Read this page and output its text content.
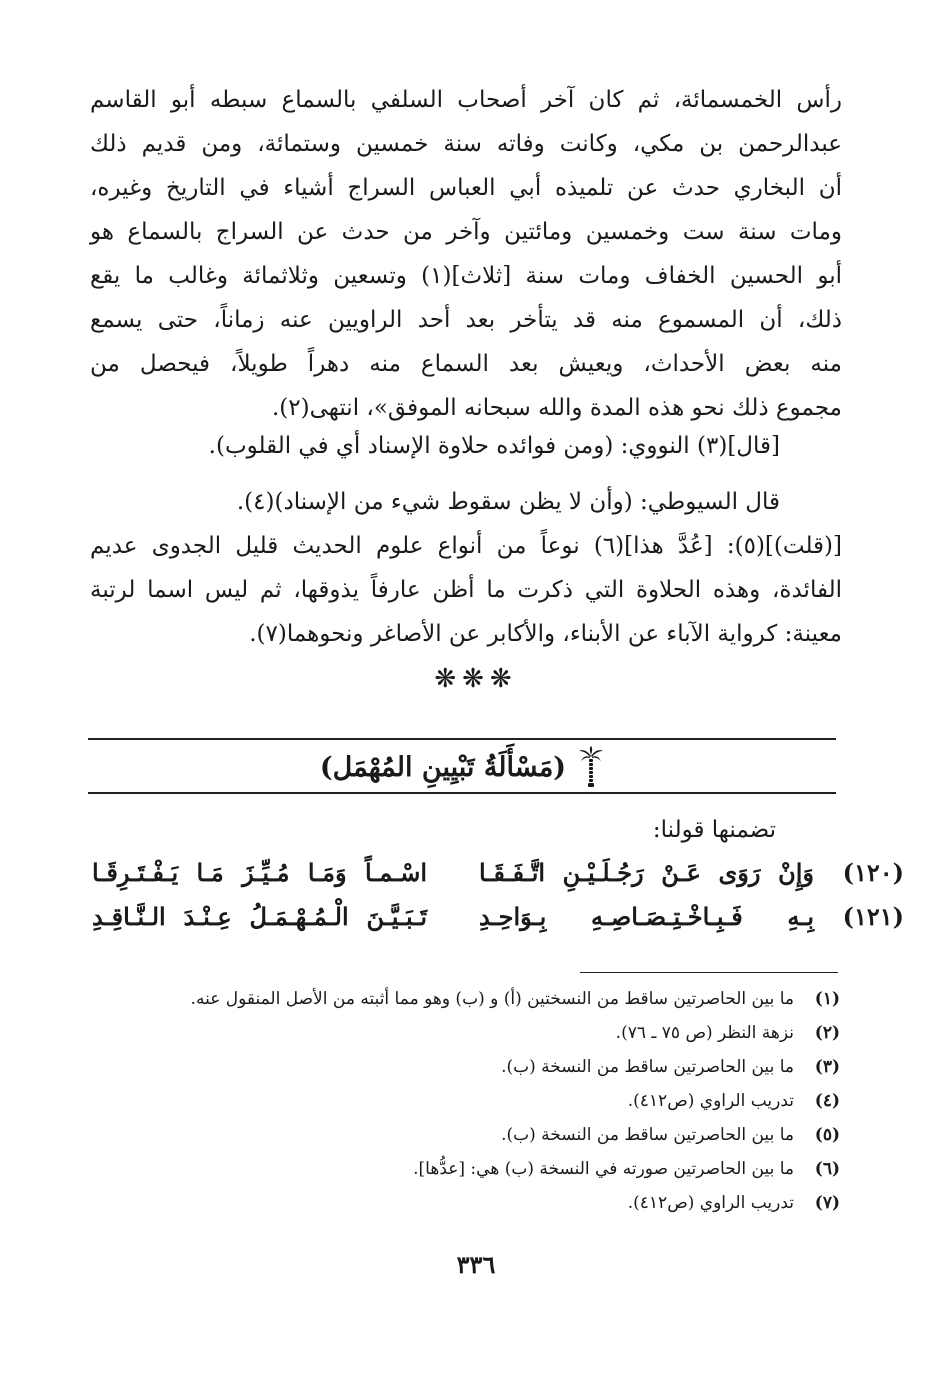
رأس الخمسمائة، ثم كان آخر أصحاب السلفي بالسماع سبطه أبو القاسم
عبدالرحمن بن مكي، وكانت وفاته سنة خمسين وستمائة، ومن قديم ذلك
أن البخاري حدث عن تلميذه أبي العباس السراج أشياء في التاريخ وغيره،
ومات سنة ست وخمسين ومائتين وآخر من حدث عن السراج بالسماع هو
أبو الحسين الخفاف ومات سنة [ثلاث](١) وتسعين وثلاثمائة وغالب ما يقع
ذلك، أن المسموع منه قد يتأخر بعد أحد الراويين عنه زماناً، حتى يسمع
منه بعض الأحداث، ويعيش بعد السماع منه دهراً طويلاً، فيحصل من
مجموع ذلك نحو هذه المدة والله سبحانه الموفق»، انتهى(٢).

[قال](٣) النووي: (ومن فوائده حلاوة الإسناد أي في القلوب).

قال السيوطي: (وأن لا يظن سقوط شيء من الإسناد)(٤).
[(قلت)](٥): [عُدَّ هذا](٦) نوعاً من أنواع علوم الحديث قليل الجدوى عديم
الفائدة، وهذه الحلاوة التي ذكرت ما أظن عارفاً يذوقها، ثم ليس اسما لرتبة
معينة: كرواية الآباء عن الأبناء، والأكابر عن الأصاغر ونحوهما(٧).

❋❋❋
(مَسْأَلَةُ تَبْيِينِ المُهْمَل)
تضمنها قولنا:
(١٢٠)
وَإِنْ رَوَى عَـنْ رَجُـلَـيْـنِ اتَّـفَـقَـا
اسْـمـاً وَمَـا مُـيِّـزَ مَـا يَـفْـتَـرِقَـا
(١٢١)
بِـهِ فَـبِـاخْـتِـصَـاصِـهِ بِـوَاحِـدِ
تَـبَـيَّـنَ الْـمُـهْـمَـلُ عِـنْـدَ الـنَّـاقِـدِ
(١)ما بين الحاصرتين ساقط من النسختين (أ) و (ب) وهو مما أثبته من الأصل المنقول عنه.
(٢)نزهة النظر (ص ٧٥ ـ ٧٦).
(٣)ما بين الحاصرتين ساقط من النسخة (ب).
(٤)تدريب الراوي (ص٤١٢).
(٥)ما بين الحاصرتين ساقط من النسخة (ب).
(٦)ما بين الحاصرتين صورته في النسخة (ب) هي: [عدُّها].
(٧)تدريب الراوي (ص٤١٢).
٣٣٦
